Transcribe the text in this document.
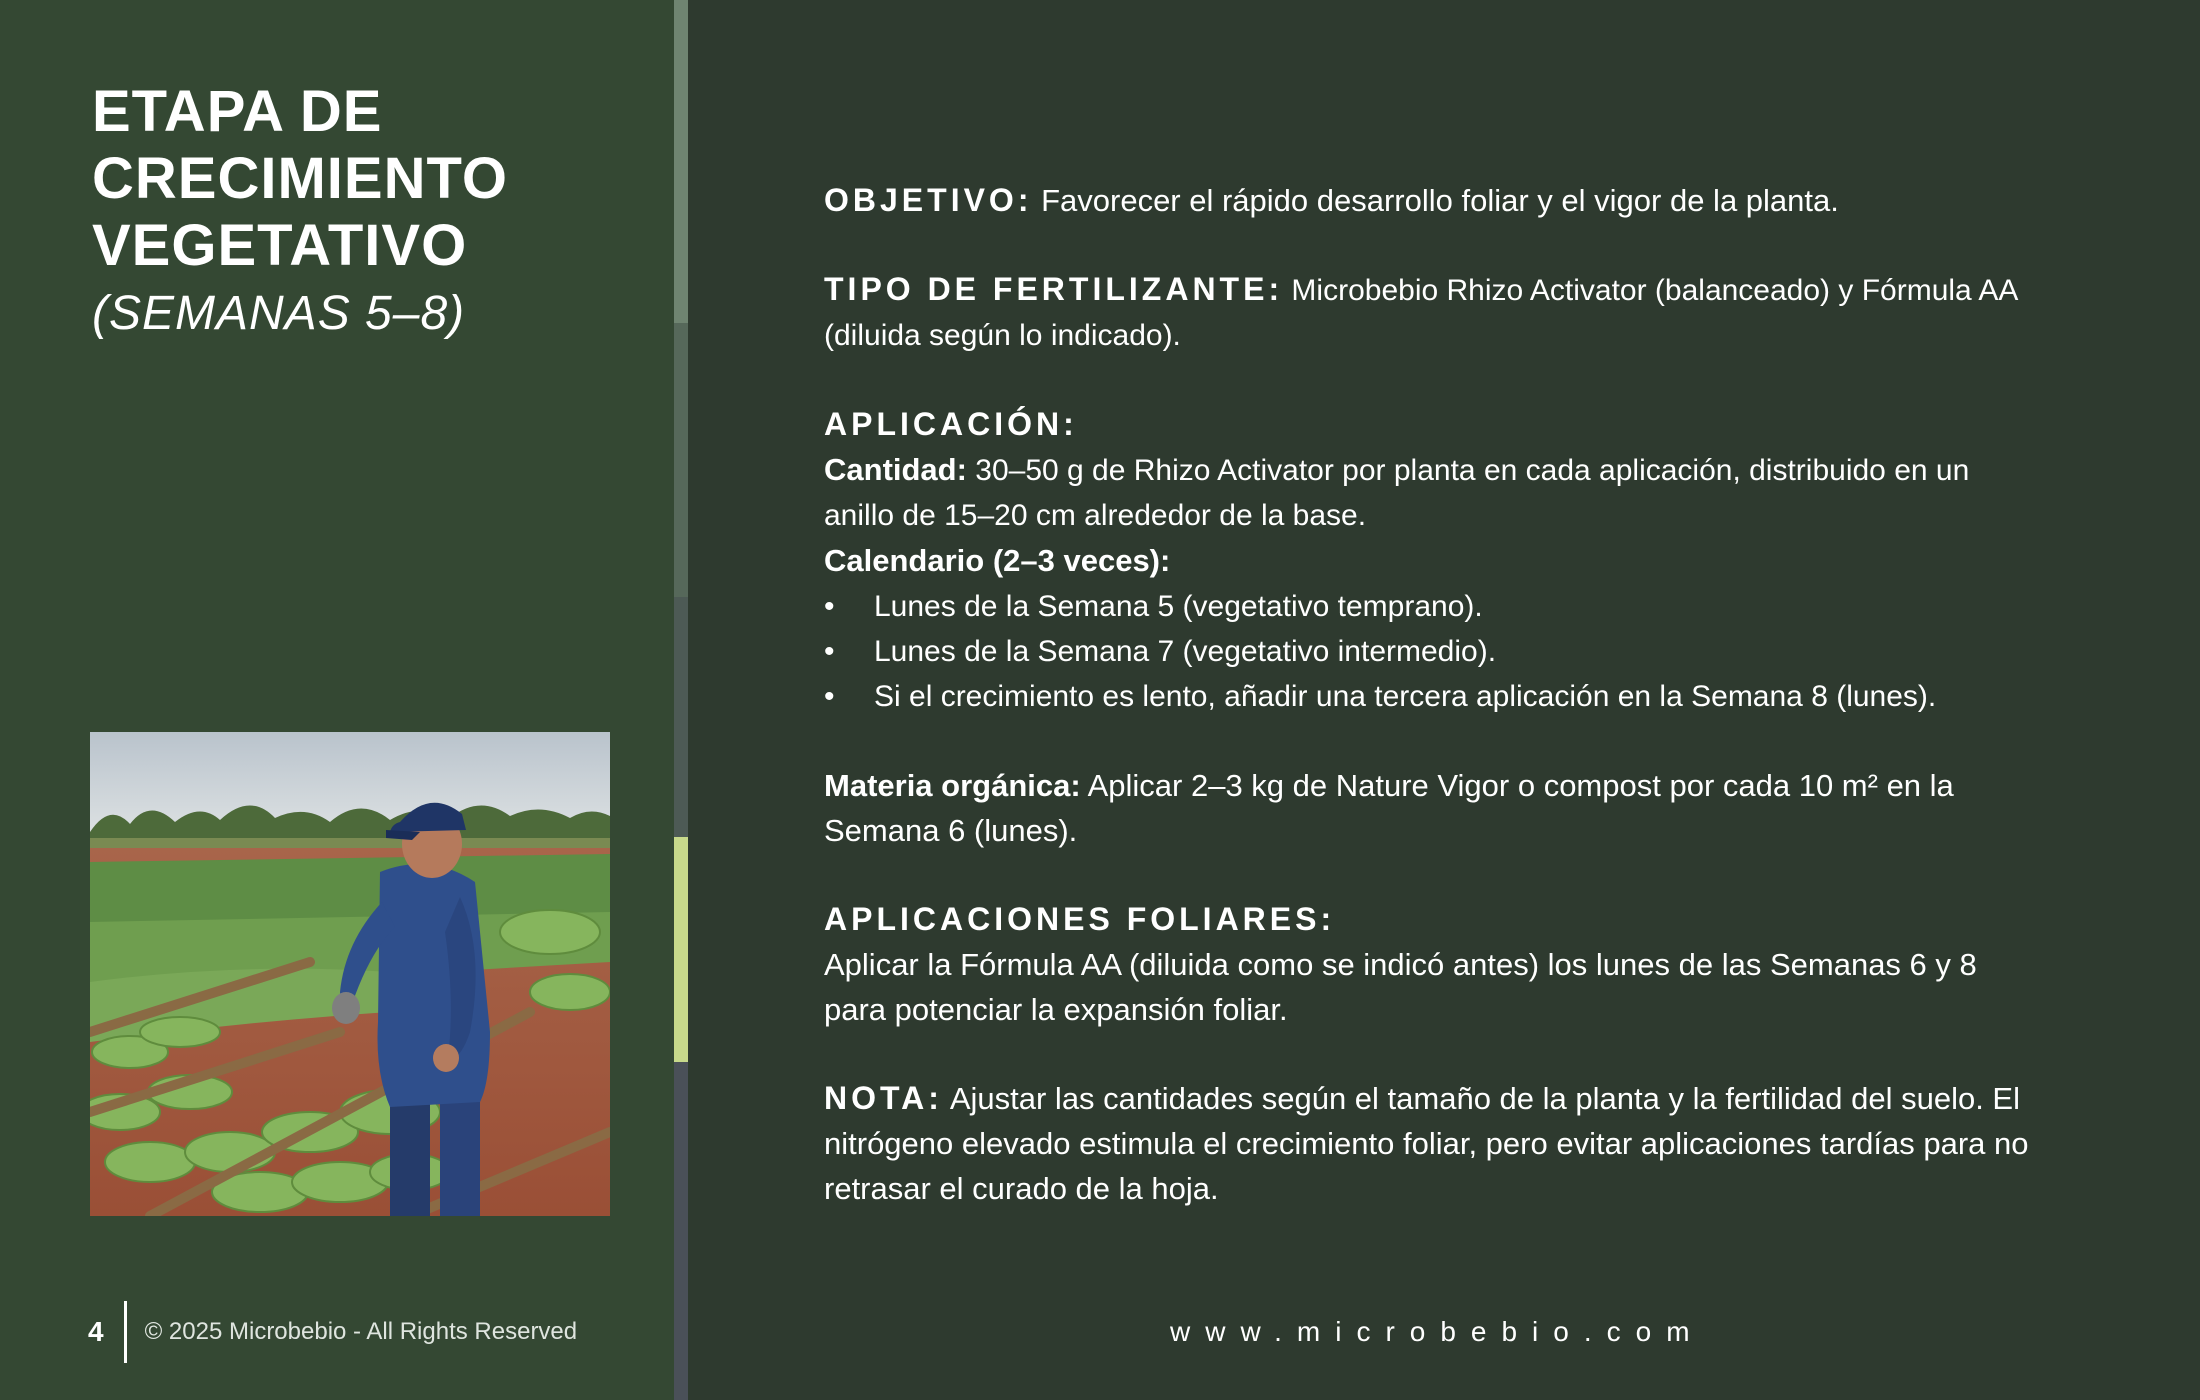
ETAPA DE
CRECIMIENTO
VEGETATIVO

(SEMANAS 5–8)

4 © 2025 Microbebio - All Rights Reserved

OBJETIVO: Favorecer el rápido desarrollo foliar y el vigor de la planta.

TIPO DE FERTILIZANTE: Microbebio Rhizo Activator (balanceado) y Fórmula AA (diluida según lo indicado).

APLICACIÓN:

Cantidad: 30–50 g de Rhizo Activator por planta en cada aplicación, distribuido en un anillo de 15–20 cm alrededor de la base.

Calendario (2–3 veces):

• Lunes de la Semana 5 (vegetativo temprano).
• Lunes de la Semana 7 (vegetativo intermedio).
• Si el crecimiento es lento, añadir una tercera aplicación en la Semana 8 (lunes).

Materia orgánica: Aplicar 2–3 kg de Nature Vigor o compost por cada 10 m² en la Semana 6 (lunes).

APLICACIONES FOLIARES:

Aplicar la Fórmula AA (diluida como se indicó antes) los lunes de las Semanas 6 y 8 para potenciar la expansión foliar.

NOTA: Ajustar las cantidades según el tamaño de la planta y la fertilidad del suelo. El nitrógeno elevado estimula el crecimiento foliar, pero evitar aplicaciones tardías para no retrasar el curado de la hoja.

www.microbebio.com
